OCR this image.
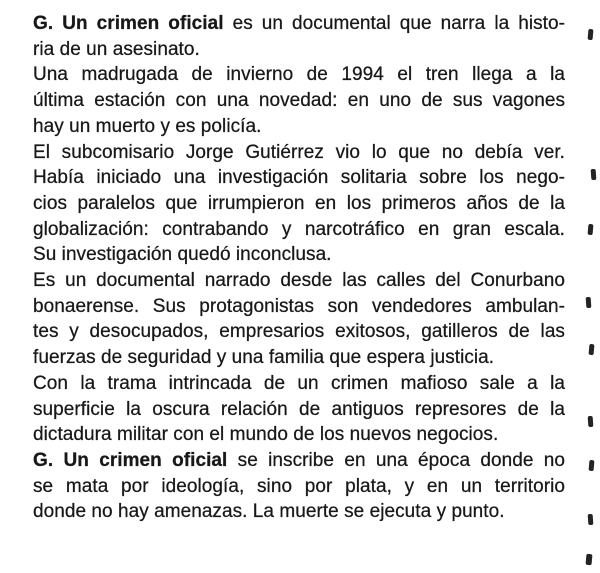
G. Un crimen oficial es un documental que narra la histo-
ria de un asesinato.

Una madrugada de invierno de 1994 el tren llega a la
última estación con una novedad: en uno de sus vagones
hay un muerto y es policía.

El subcomisario Jorge Gutiérrez vio lo que no debía ver.
Había iniciado una investigación solitaria sobre los nego-
cios paralelos que irrumpieron en los primeros años de la
globalización: contrabando y narcotráfico en gran escala.
Su investigación quedó inconclusa.

Es un documental narrado desde las calles del Conurbano
bonaerense. Sus protagonistas son vendedores ambulan-
tes y desocupados, empresarios exitosos, gatilleros de las
fuerzas de seguridad y una familia que espera justicia.

Con la trama intrincada de un crimen mafioso sale a la
superficie la oscura relación de antiguos represores de la
dictadura militar con el mundo de los nuevos negocios.

G. Un crimen oficial se inscribe en una época donde no
se mata por ideología, sino por plata, y en un territorio
donde no hay amenazas. La muerte se ejecuta y punto.
